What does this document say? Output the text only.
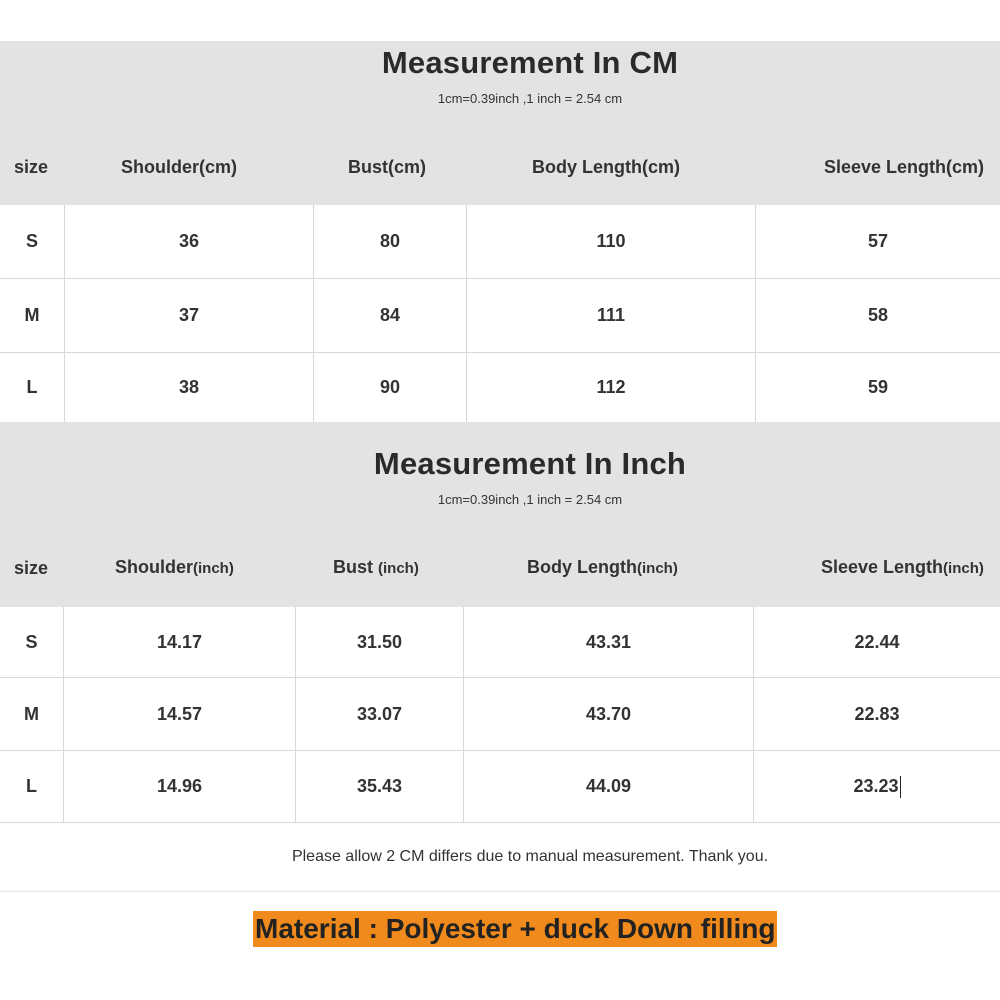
Measurement In CM
1cm=0.39inch ,1 inch = 2.54 cm
size	Shoulder(cm)	Bust(cm)	Body Length(cm)	Sleeve Length(cm)
S	36	80	110	57
M	37	84	111	58
L	38	90	112	59
Measurement In Inch
1cm=0.39inch ,1 inch = 2.54 cm
size	Shoulder(inch)	Bust (inch)	Body Length(inch)	Sleeve Length(inch)
S	14.17	31.50	43.31	22.44
M	14.57	33.07	43.70	22.83
L	14.96	35.43	44.09	23.23
Please allow 2 CM differs due to manual measurement. Thank you.
Material : Polyester + duck Down filling
